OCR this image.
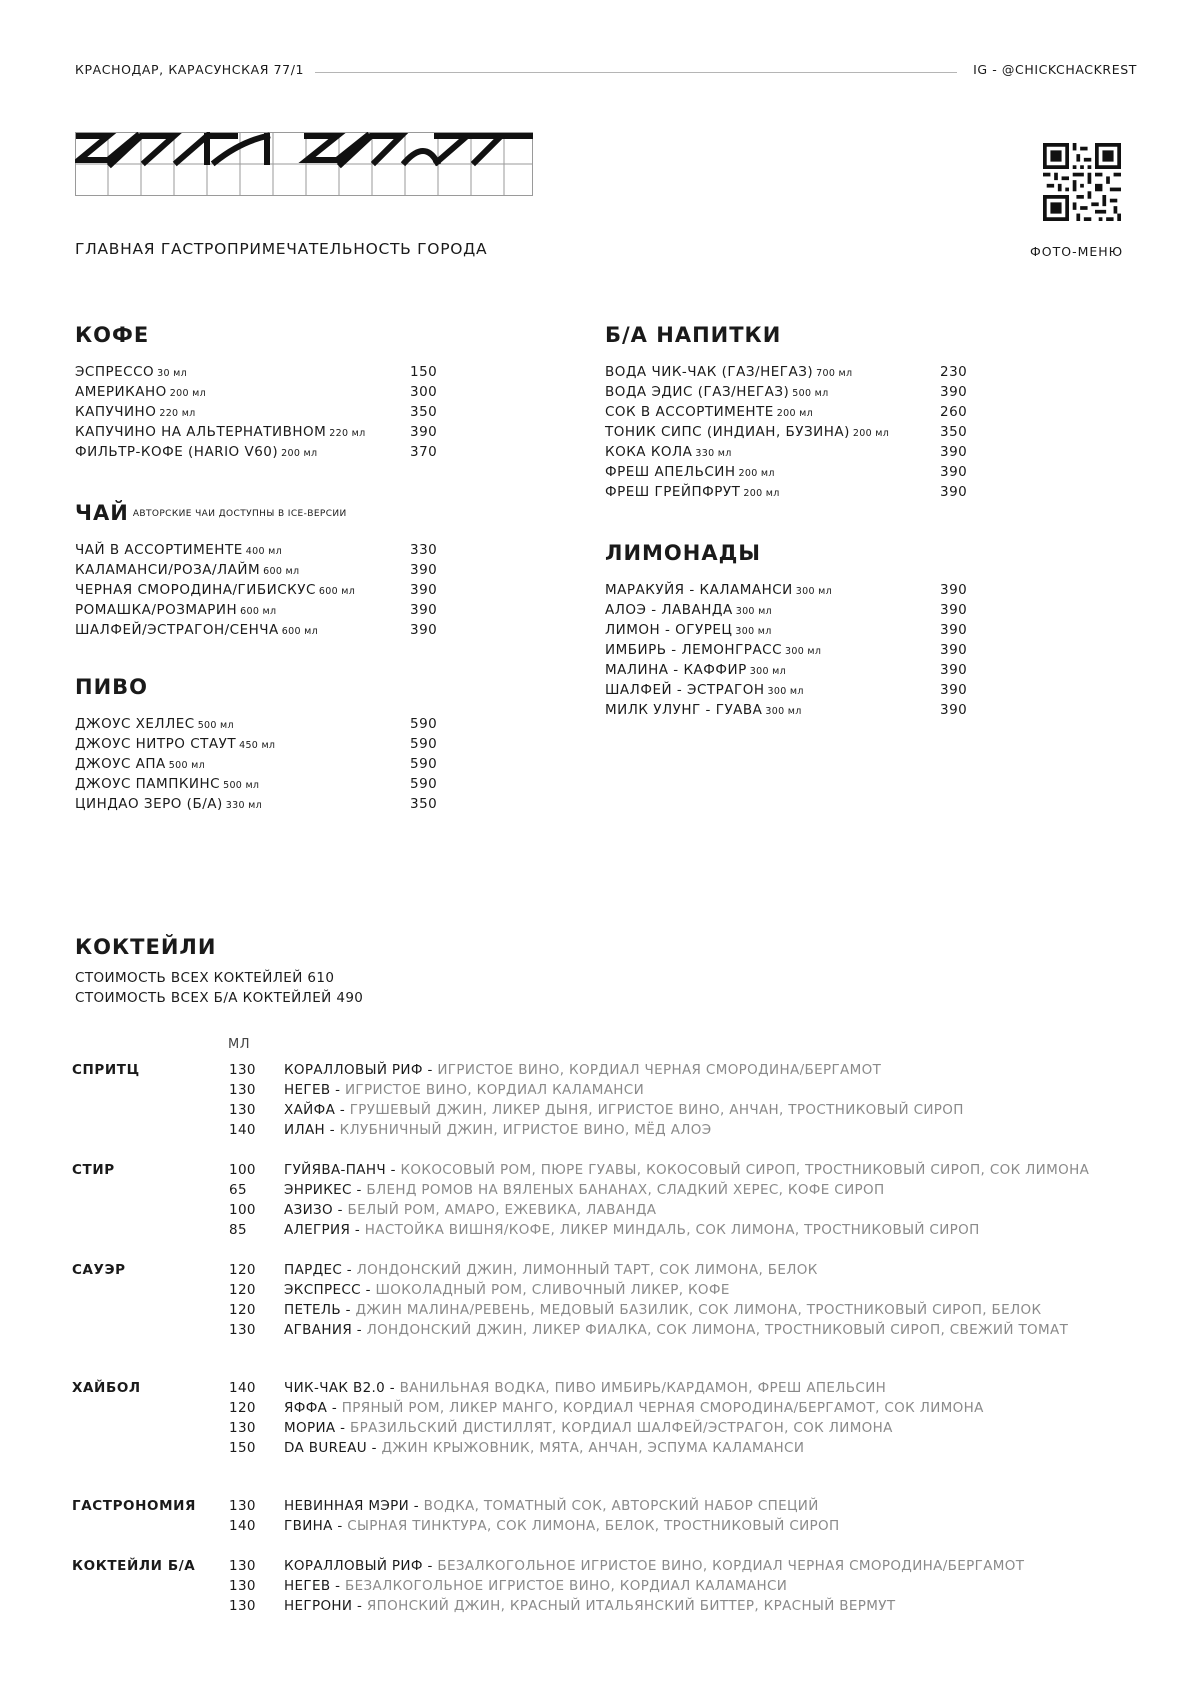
КРАСНОДАР, КАРАСУНСКАЯ 77/1	IG - @CHICKCHACKREST
ГЛАВНАЯ ГАСТРОПРИМЕЧАТЕЛЬНОСТЬ ГОРОДА	ФОТО-МЕНЮ
КОФЕ
ЭСПРЕССО 30 мл	150
АМЕРИКАНО 200 мл	300
КАПУЧИНО 220 мл	350
КАПУЧИНО НА АЛЬТЕРНАТИВНОМ 220 мл	390
ФИЛЬТР-КОФЕ (HARIO V60) 200 мл	370
ЧАЙ АВТОРСКИЕ ЧАИ ДОСТУПНЫ В ICE-ВЕРСИИ
ЧАЙ В АССОРТИМЕНТЕ 400 мл	330
КАЛАМАНСИ/РОЗА/ЛАЙМ 600 мл	390
ЧЕРНАЯ СМОРОДИНА/ГИБИСКУС 600 мл	390
РОМАШКА/РОЗМАРИН 600 мл	390
ШАЛФЕЙ/ЭСТРАГОН/СЕНЧА 600 мл	390
ПИВО
ДЖОУС ХЕЛЛЕС 500 мл	590
ДЖОУС НИТРО СТАУТ 450 мл	590
ДЖОУС АПА 500 мл	590
ДЖОУС ПАМПКИНС 500 мл	590
ЦИНДАО ЗЕРО (Б/А) 330 мл	350
Б/А НАПИТКИ
ВОДА ЧИК-ЧАК (ГАЗ/НЕГАЗ) 700 мл	230
ВОДА ЭДИС (ГАЗ/НЕГАЗ) 500 мл	390
СОК В АССОРТИМЕНТЕ 200 мл	260
ТОНИК СИПС (ИНДИАН, БУЗИНА) 200 мл	350
КОКА КОЛА 330 мл	390
ФРЕШ АПЕЛЬСИН 200 мл	390
ФРЕШ ГРЕЙПФРУТ 200 мл	390
ЛИМОНАДЫ
МАРАКУЙЯ - КАЛАМАНСИ 300 мл	390
АЛОЭ - ЛАВАНДА 300 мл	390
ЛИМОН - ОГУРЕЦ 300 мл	390
ИМБИРЬ - ЛЕМОНГРАСС 300 мл	390
МАЛИНА - КАФФИР 300 мл	390
ШАЛФЕЙ - ЭСТРАГОН 300 мл	390
МИЛК УЛУНГ - ГУАВА 300 мл	390
КОКТЕЙЛИ
СТОИМОСТЬ ВСЕХ КОКТЕЙЛЕЙ 610
СТОИМОСТЬ ВСЕХ Б/А КОКТЕЙЛЕЙ 490
МЛ
СПРИТЦ	130 КОРАЛЛОВЫЙ РИФ - ИГРИСТОЕ ВИНО, КОРДИАЛ ЧЕРНАЯ СМОРОДИНА/БЕРГАМОТ
130 НЕГЕВ - ИГРИСТОЕ ВИНО, КОРДИАЛ КАЛАМАНСИ
130 ХАЙФА - ГРУШЕВЫЙ ДЖИН, ЛИКЕР ДЫНЯ, ИГРИСТОЕ ВИНО, АНЧАН, ТРОСТНИКОВЫЙ СИРОП
140 ИЛАН - КЛУБНИЧНЫЙ ДЖИН, ИГРИСТОЕ ВИНО, МЁД АЛОЭ
СТИР	100 ГУЙЯВА-ПАНЧ - КОКОСОВЫЙ РОМ, ПЮРЕ ГУАВЫ, КОКОСОВЫЙ СИРОП, ТРОСТНИКОВЫЙ СИРОП, СОК ЛИМОНА
65	ЭНРИКЕС - БЛЕНД РОМОВ НА ВЯЛЕНЫХ БАНАНАХ, СЛАДКИЙ ХЕРЕС, КОФЕ СИРОП
100 АЗИЗО - БЕЛЫЙ РОМ, АМАРО, ЕЖЕВИКА, ЛАВАНДА
85	АЛЕГРИЯ - НАСТОЙКА ВИШНЯ/КОФЕ, ЛИКЕР МИНДАЛЬ, СОК ЛИМОНА, ТРОСТНИКОВЫЙ СИРОП
САУЭР	120 ПАРДЕС - ЛОНДОНСКИЙ ДЖИН, ЛИМОННЫЙ ТАРТ, СОК ЛИМОНА, БЕЛОК
120 ЭКСПРЕСС - ШОКОЛАДНЫЙ РОМ, СЛИВОЧНЫЙ ЛИКЕР, КОФЕ
120 ПЕТЕЛЬ - ДЖИН МАЛИНА/РЕВЕНЬ, МЕДОВЫЙ БАЗИЛИК, СОК ЛИМОНА, ТРОСТНИКОВЫЙ СИРОП, БЕЛОК
130 АГВАНИЯ - ЛОНДОНСКИЙ ДЖИН, ЛИКЕР ФИАЛКА, СОК ЛИМОНА, ТРОСТНИКОВЫЙ СИРОП, СВЕЖИЙ ТОМАТ
ХАЙБОЛ	140 ЧИК-ЧАК В2.0 - ВАНИЛЬНАЯ ВОДКА, ПИВО ИМБИРЬ/КАРДАМОН, ФРЕШ АПЕЛЬСИН
120 ЯФФА - ПРЯНЫЙ РОМ, ЛИКЕР МАНГО, КОРДИАЛ ЧЕРНАЯ СМОРОДИНА/БЕРГАМОТ, СОК ЛИМОНА
130 МОРИА - БРАЗИЛЬСКИЙ ДИСТИЛЛЯТ, КОРДИАЛ ШАЛФЕЙ/ЭСТРАГОН, СОК ЛИМОНА
150 DA BUREAU - ДЖИН КРЫЖОВНИК, МЯТА, АНЧАН, ЭСПУМА КАЛАМАНСИ
ГАСТРОНОМИЯ 130 НЕВИННАЯ МЭРИ - ВОДКА, ТОМАТНЫЙ СОК, АВТОРСКИЙ НАБОР СПЕЦИЙ
140 ГВИНА - СЫРНАЯ ТИНКТУРА, СОК ЛИМОНА, БЕЛОК, ТРОСТНИКОВЫЙ СИРОП
КОКТЕЙЛИ Б/А 130 КОРАЛЛОВЫЙ РИФ - БЕЗАЛКОГОЛЬНОЕ ИГРИСТОЕ ВИНО, КОРДИАЛ ЧЕРНАЯ СМОРОДИНА/БЕРГАМОТ
130 НЕГЕВ - БЕЗАЛКОГОЛЬНОЕ ИГРИСТОЕ ВИНО, КОРДИАЛ КАЛАМАНСИ
130 НЕГРОНИ - ЯПОНСКИЙ ДЖИН, КРАСНЫЙ ИТАЛЬЯНСКИЙ БИТТЕР, КРАСНЫЙ ВЕРМУТ
